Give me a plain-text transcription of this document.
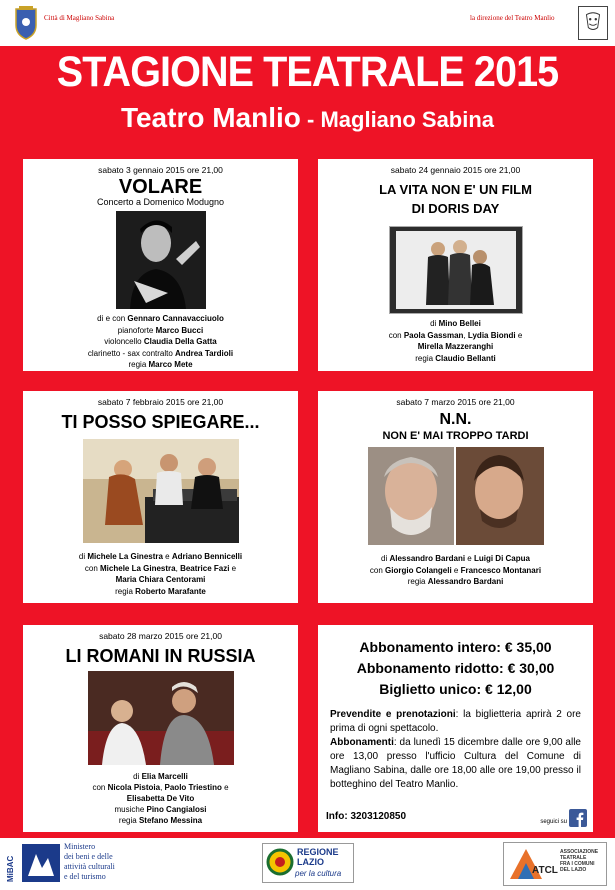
Città di Magliano Sabina	la direzione del Teatro Manlio
STAGIONE TEATRALE 2015
Teatro Manlio - Magliano Sabina
sabato 3 gennaio 2015 ore 21,00
VOLARE
Concerto a Domenico Modugno
di e con Gennaro Cannavacciuolo
pianoforte Marco Bucci
violoncello Claudia Della Gatta
clarinetto - sax contralto Andrea Tardioli
regia Marco Mete
sabato 24 gennaio 2015 ore 21,00
LA VITA NON E' UN FILM
DI DORIS DAY
di Mino Bellei
con Paola Gassman, Lydia Biondi e
Mirella Mazzeranghi
regia Claudio Bellanti
sabato 7 febbraio 2015 ore 21,00
TI POSSO SPIEGARE...
di Michele La Ginestra e Adriano Bennicelli
con Michele La Ginestra, Beatrice Fazi e
Maria Chiara Centorami
regia Roberto Marafante
sabato 7 marzo 2015 ore 21,00
N.N.
NON E' MAI TROPPO TARDI
di Alessandro Bardani e Luigi Di Capua
con Giorgio Colangeli e Francesco Montanari
regia Alessandro Bardani
sabato 28 marzo 2015 ore 21,00
LI ROMANI IN RUSSIA
di Elia Marcelli
con Nicola Pistoia, Paolo Triestino e
Elisabetta De Vito
musiche Pino Cangialosi
regia Stefano Messina
Abbonamento intero: € 35,00
Abbonamento ridotto: € 30,00
Biglietto unico: € 12,00
Prevendite e prenotazioni: la biglietteria aprirà 2 ore prima di ogni spettacolo.
Abbonamenti: da lunedì 15 dicembre dalle ore 9,00 alle ore 13,00 presso l'ufficio Cultura del Comune di Magliano Sabina, dalle ore 18,00 alle ore 19,00 presso il botteghino del Teatro Manlio.
Info: 3203120850	seguici su
MiBAC
Ministero
dei beni e delle
attività culturali
e del turismo
REGIONE
LAZIO
per la cultura	ATCL
ASSOCIAZIONE
TEATRALE
FRA I COMUNI
DEL LAZIO
